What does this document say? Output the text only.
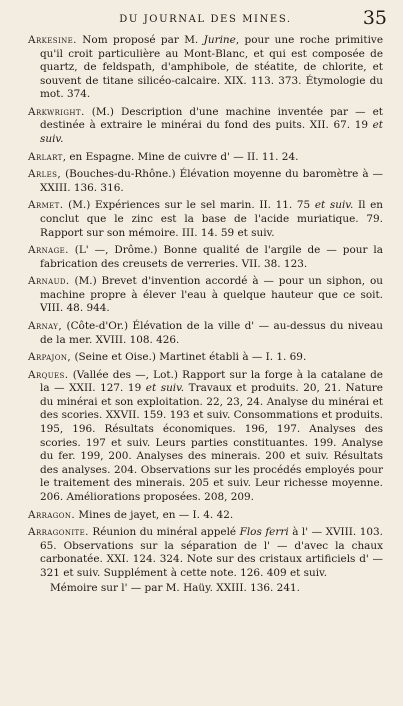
DU JOURNAL DES MINES.	35

Arkesine. Nom proposé par M. Jurine, pour une roche primitive qu'il croit particulière au Mont-Blanc, et qui est composée de quartz, de feldspath, d'amphibole, de stéatite, de chlorite, et souvent de titane silicéo-calcaire. XIX. 113. 373. Étymologie du mot. 374.

Arkwright. (M.) Description d'une machine inventée par — et destinée à extraire le minérai du fond des puits. XII. 67. 19 et suiv.

Arlart, en Espagne. Mine de cuivre d' — II. 11. 24.

Arles, (Bouches-du-Rhône.) Élévation moyenne du baromètre à — XXIII. 136. 316.

Armet. (M.) Expériences sur le sel marin. II. 11. 75 et suiv. Il en conclut que le zinc est la base de l'acide muriatique. 79. Rapport sur son mémoire. III. 14. 59 et suiv.

Arnage. (L' —, Drôme.) Bonne qualité de l'argile de — pour la fabrication des creusets de verreries. VII. 38. 123.

Arnaud. (M.) Brevet d'invention accordé à — pour un siphon, ou machine propre à élever l'eau à quelque hauteur que ce soit. VIII. 48. 944.

Arnay, (Côte-d'Or.) Élévation de la ville d' — au-dessus du niveau de la mer. XVIII. 108. 426.

Arpajon, (Seine et Oise.) Martinet établi à — I. 1. 69.

Arques. (Vallée des —, Lot.) Rapport sur la forge à la catalane de la — XXII. 127. 19 et suiv. Travaux et produits. 20, 21. Nature du minérai et son exploitation. 22, 23, 24. Analyse du minérai et des scories. XXVII. 159. 193 et suiv. Consommations et produits. 195, 196. Résultats économiques. 196, 197. Analyses des scories. 197 et suiv. Leurs parties constituantes. 199. Analyse du fer. 199, 200. Analyses des minerais. 200 et suiv. Résultats des analyses. 204. Observations sur les procédés employés pour le traitement des minerais. 205 et suiv. Leur richesse moyenne. 206. Améliorations proposées. 208, 209.

Arragon. Mines de jayet, en — I. 4. 42.

Arragonite. Réunion du minéral appelé Flos ferri à l' — XVIII. 103. 65. Observations sur la séparation de l' — d'avec la chaux carbonatée. XXI. 124. 324. Note sur des cristaux artificiels d' — 321 et suiv. Supplément à cette note. 126. 409 et suiv.

Mémoire sur l' — par M. Haüy. XXIII. 136. 241.
